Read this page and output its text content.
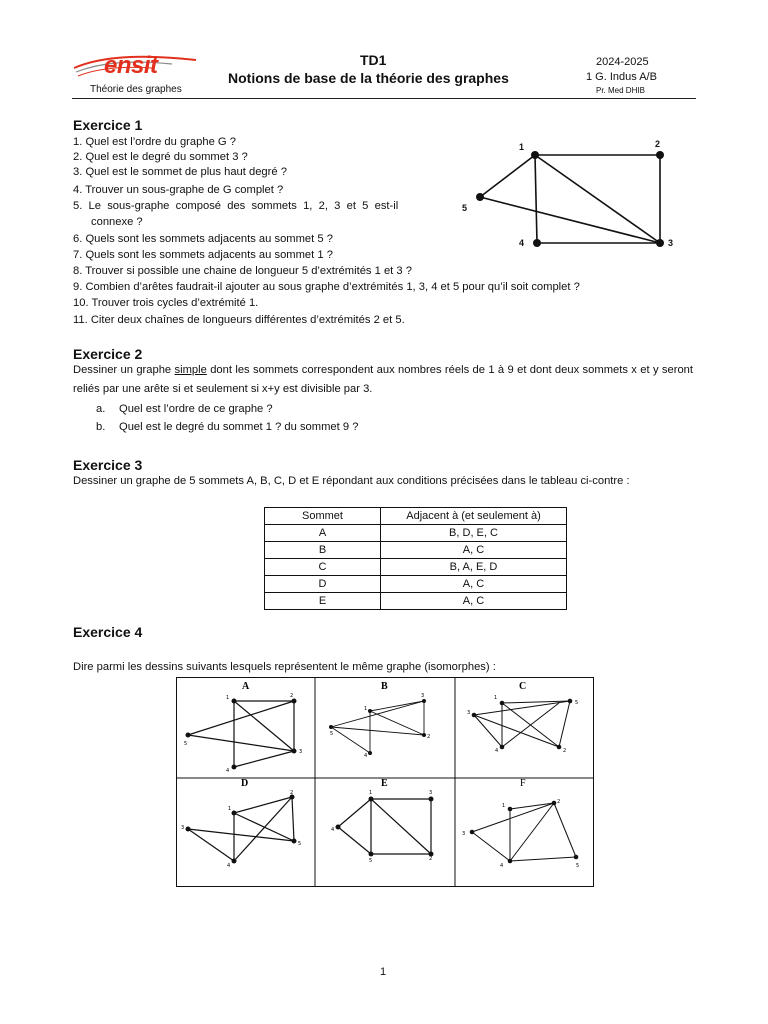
ensit
Théorie des graphes
TD1
Notions de base de la théorie des graphes
2024-2025
1 G. Indus A/B
Pr. Med DHIB
Exercice 1
1. Quel est l’ordre du graphe G ?
2. Quel est le degré du sommet 3 ?
3. Quel est le sommet de plus haut degré ?
4. Trouver un sous-graphe de G complet ?
5.  Le  sous-graphe  composé  des  sommets  1,  2,  3  et  5  est-il
connexe ?
6. Quels sont les sommets adjacents au sommet 5 ?
7. Quels sont les sommets adjacents au sommet 1 ?
8. Trouver si possible une chaine de longueur 5 d’extrémités 1 et 3 ?
9. Combien d’arêtes faudrait-il ajouter au sous graphe d’extrémités 1, 3, 4 et 5 pour qu’il soit complet ?
10. Trouver trois cycles d’extrémité 1.
11. Citer deux chaînes de longueurs différentes d’extrémités 2 et 5.
1	2
3
4
5
Exercice 2
Dessiner un graphe simple dont les sommets correspondent aux nombres réels de 1 à 9 et dont deux sommets x et y seront reliés par une arête si et seulement si x+y est divisible par 3.
a. Quel est l’ordre de ce graphe ?
b. Quel est le degré du sommet 1 ? du sommet 9 ?
Exercice 3
Dessiner un graphe de 5 sommets A, B, C, D et E répondant aux conditions précisées dans le tableau ci-contre :
Sommet	Adjacent à (et seulement à)
A	B, D, E, C
B	A, C
C	B, A, E, D
D	A, C
E	A, C
Exercice 4
Dire parmi les dessins suivants lesquels représentent le même graphe (isomorphes) :
A
1	2
3
4
5
B
1
3
5
4
2
C
1
5
3
4	2
D
1
2
5
4
3
E
1	3
4
5	2
F
1
2
3
4	5
1
